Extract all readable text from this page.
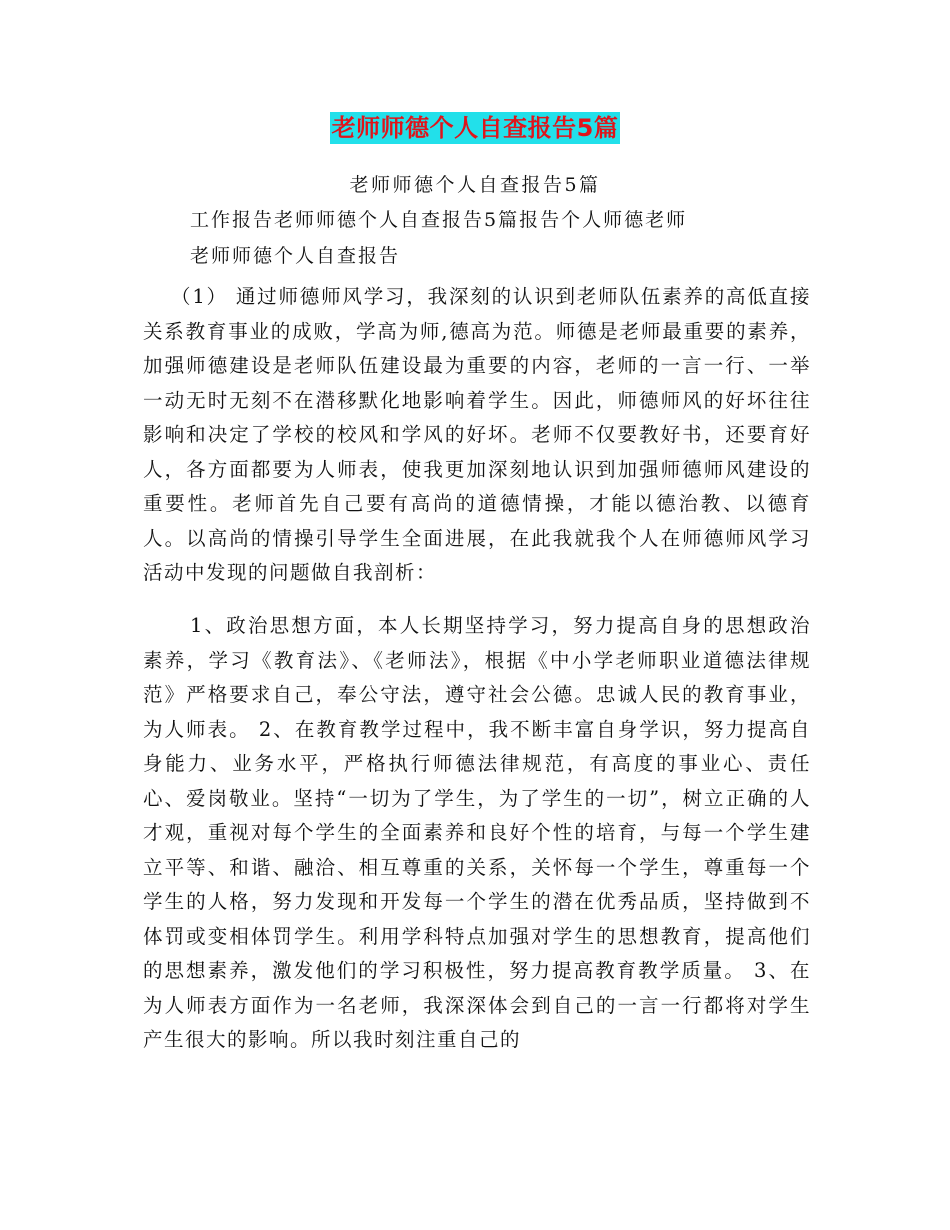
老师师德个人自查报告5篇
老师师德个人自查报告5篇
工作报告老师师德个人自查报告5篇报告个人师德老师
老师师德个人自查报告

（1） 通过师德师风学习，我深刻的认识到老师队伍素养的高低直接关系教育事业的成败，学高为师,德高为范。师德是老师最重要的素养，加强师德建设是老师队伍建设最为重要的内容，老师的一言一行、一举一动无时无刻不在潜移默化地影响着学生。因此，师德师风的好坏往往影响和决定了学校的校风和学风的好坏。老师不仅要教好书，还要育好人，各方面都要为人师表，使我更加深刻地认识到加强师德师风建设的重要性。老师首先自己要有高尚的道德情操，才能以德治教、以德育人。以高尚的情操引导学生全面进展，在此我就我个人在师德师风学习活动中发现的问题做自我剖析：

1、政治思想方面，本人长期坚持学习，努力提高自身的思想政治素养，学习《教育法》、《老师法》，根据《中小学老师职业道德法律规范》严格要求自己，奉公守法，遵守社会公德。忠诚人民的教育事业，为人师表。 2、在教育教学过程中，我不断丰富自身学识，努力提高自身能力、业务水平，严格执行师德法律规范，有高度的事业心、责任心、爱岗敬业。坚持“一切为了学生，为了学生的一切”，树立正确的人才观，重视对每个学生的全面素养和良好个性的培育，与每一个学生建立平等、和谐、融洽、相互尊重的关系，关怀每一个学生，尊重每一个学生的人格，努力发现和开发每一个学生的潜在优秀品质，坚持做到不体罚或变相体罚学生。利用学科特点加强对学生的思想教育，提高他们的思想素养，激发他们的学习积极性，努力提高教育教学质量。 3、在为人师表方面作为一名老师，我深深体会到自己的一言一行都将对学生产生很大的影响。所以我时刻注重自己的
